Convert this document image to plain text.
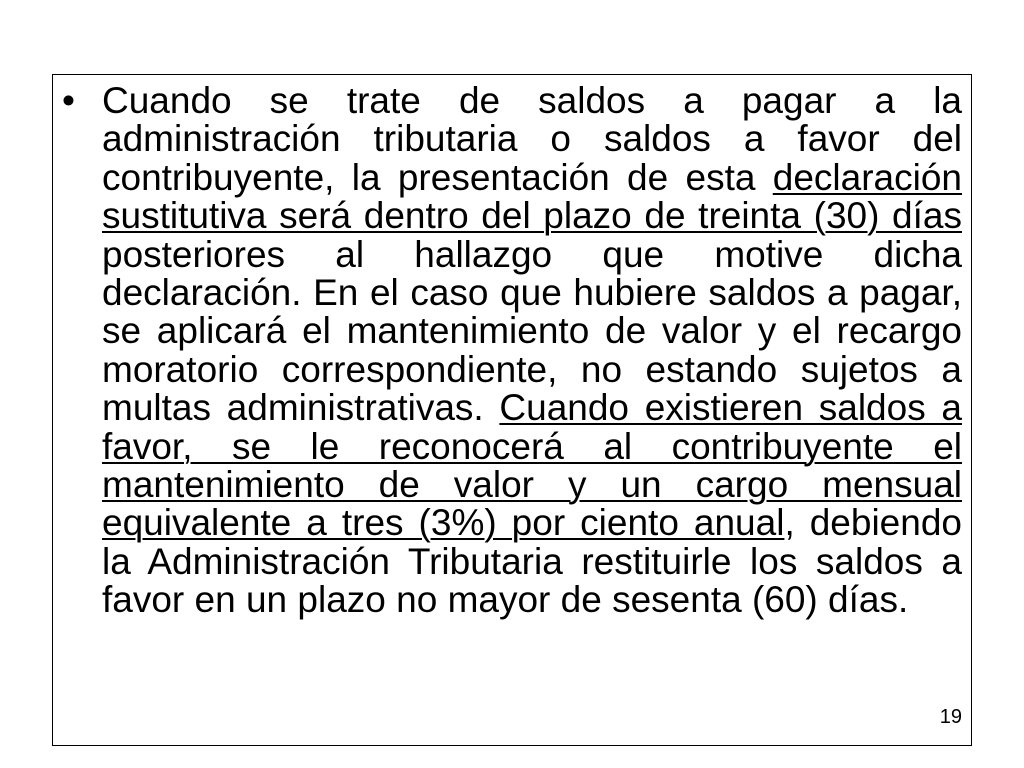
• Cuando se trate de saldos a pagar a la administración tributaria o saldos a favor del contribuyente, la presentación de esta declaración sustitutiva será dentro del plazo de treinta (30) días posteriores al hallazgo que motive dicha declaración. En el caso que hubiere saldos a pagar, se aplicará el mantenimiento de valor y el recargo moratorio correspondiente, no estando sujetos a multas administrativas. Cuando existieren saldos a favor, se le reconocerá al contribuyente el mantenimiento de valor y un cargo mensual equivalente a tres (3%) por ciento anual, debiendo la Administración Tributaria restituirle los saldos a favor en un plazo no mayor de sesenta (60) días.

19
